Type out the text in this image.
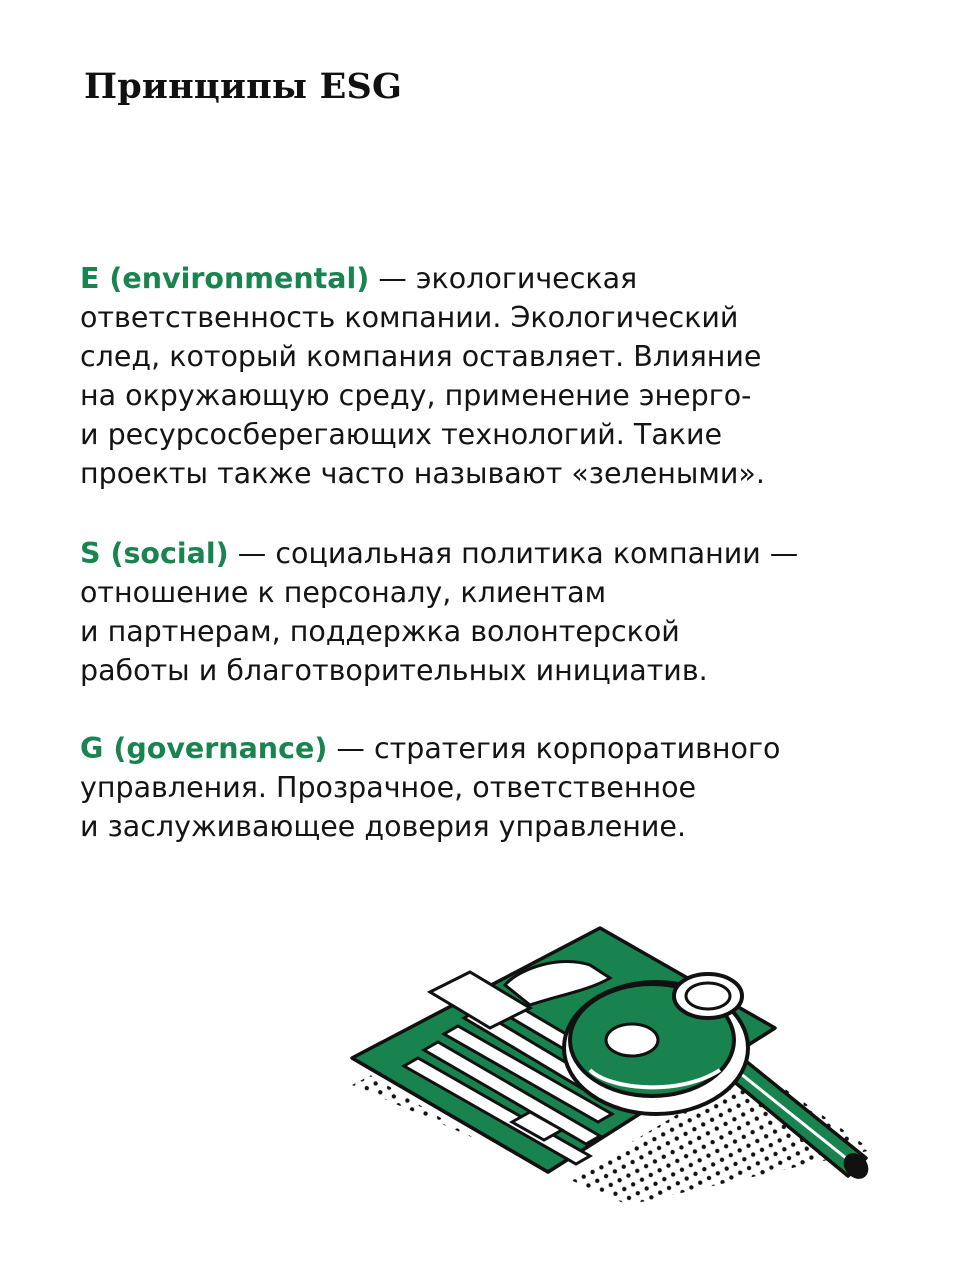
Принципы ESG

E (environmental) — экологическая
ответственность компании. Экологический
след, который компания оставляет. Влияние
на окружающую среду, применение энерго-
и ресурсосберегающих технологий. Такие
проекты также часто называют «зелеными».

S (social) — социальная политика компании —
отношение к персоналу, клиентам
и партнерам, поддержка волонтерской
работы и благотворительных инициатив.

G (governance) — стратегия корпоративного
управления. Прозрачное, ответственное
и заслуживающее доверия управление.
